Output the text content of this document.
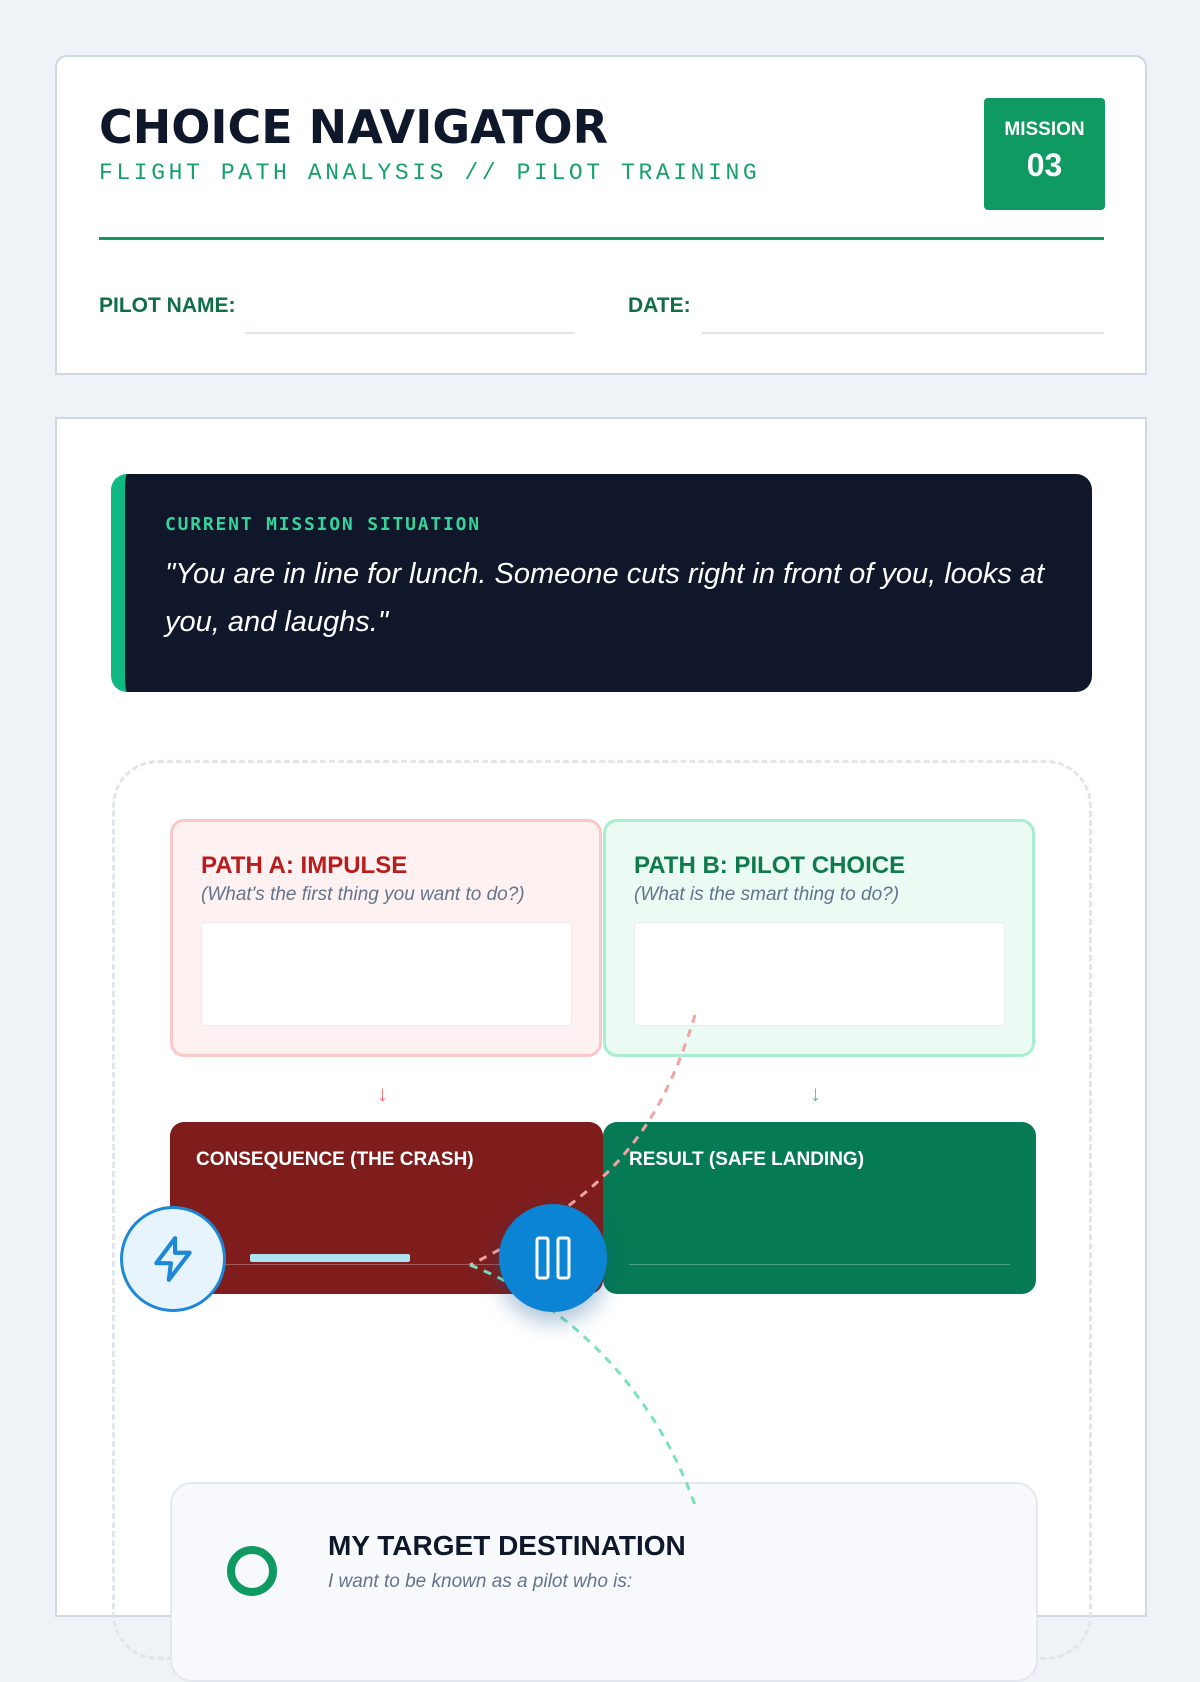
CHOICE NAVIGATOR
FLIGHT PATH ANALYSIS // PILOT TRAINING
MISSION
03
PILOT NAME:	DATE:
CURRENT MISSION SITUATION
"You are in line for lunch. Someone cuts right in front of you, looks at you, and laughs."
PATH A: IMPULSE
(What's the first thing you want to do?)
PATH B: PILOT CHOICE
(What is the smart thing to do?)
↓	↓
CONSEQUENCE (THE CRASH)	RESULT (SAFE LANDING)
MY TARGET DESTINATION
I want to be known as a pilot who is:
